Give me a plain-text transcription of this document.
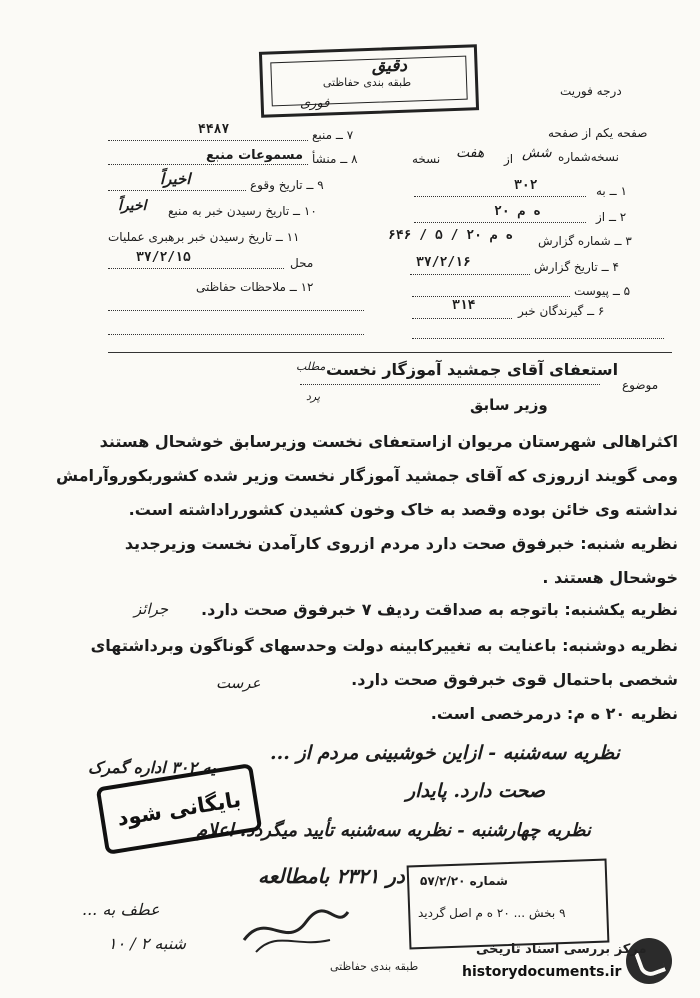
طبقه بندی حفاظتی
دقیق
فوری
درجه فوریت
صفحه یکم از صفحه
نسخه‌شماره
شش
از
هفت
نسخه
۱ ــ به
۳۰۲
۲ ــ از
۲۰ ه م
۳ ــ شماره گزارش
۶۴۶ / ۵ / ۲۰ ه م
۴ ــ تاریخ گزارش
۳۷/۲/۱۶
۵ ــ پیوست
۶ ــ گیرندگان خبر
۳۱۴
۷ ــ منبع
۴۴۸۷
۸ ــ منشأ
مسموعات منبع
۹ ــ تاریخ وقوع
اخیراً
۱۰ ــ تاریخ رسیدن خبر به منبع
اخیراً
۱۱ ــ تاریخ رسیدن خبر برهبری عملیات
محل
۳۷/۲/۱۵
۱۲ ــ ملاحظات حفاظتی
موضوع
استعفای آقای جمشید آموزگار نخست
مطلب
پرد	وزیر سابق
اکثراهالی شهرستان مریوان ازاستعفای نخست وزیرسابق خوشحال هستند
ومی گویند ازروزی که آقای جمشید آموزگار نخست وزیر شده کشوربکوروآرامش
نداشته وی خائن بوده وقصد به خاک وخون کشیدن کشورراداشته است.
نظریه شنبه: خبرفوق صحت دارد مردم ازروی کارآمدن نخست وزیرجدید
خوشحال هستند .
نظریه یکشنبه: باتوجه به صداقت ردیف ۷ خبرفوق صحت دارد.
جرائز
نظریه دوشنبه: باعنایت به تغییرکابینه دولت وحدسهای گوناگون وبرداشتهای
شخصی باحتمال قوی خبرفوق صحت دارد.
عرست
نظریه ۲۰ ه م: درمرخصی است.
نظریه سه‌شنبه - ازاین خوشبینی مردم از ...
یه ۳۰۲ اداره گمرک
صحت دارد. پایدار
نظریه چهارشنبه - نظریه سه‌شنبه تأیید میگردد. اعلام
در ۲۳۲۱ بامطالعه
عطف به ...
شنبه ۲ / ۱۰
بایگانی شود
شماره ۵۷/۲/۲۰
۹ بخش ... ۲۰ ه م اصل گردید
طبقه بندی حفاظتی
مرکز بررسی اسناد تاریخی
historydocuments.ir
